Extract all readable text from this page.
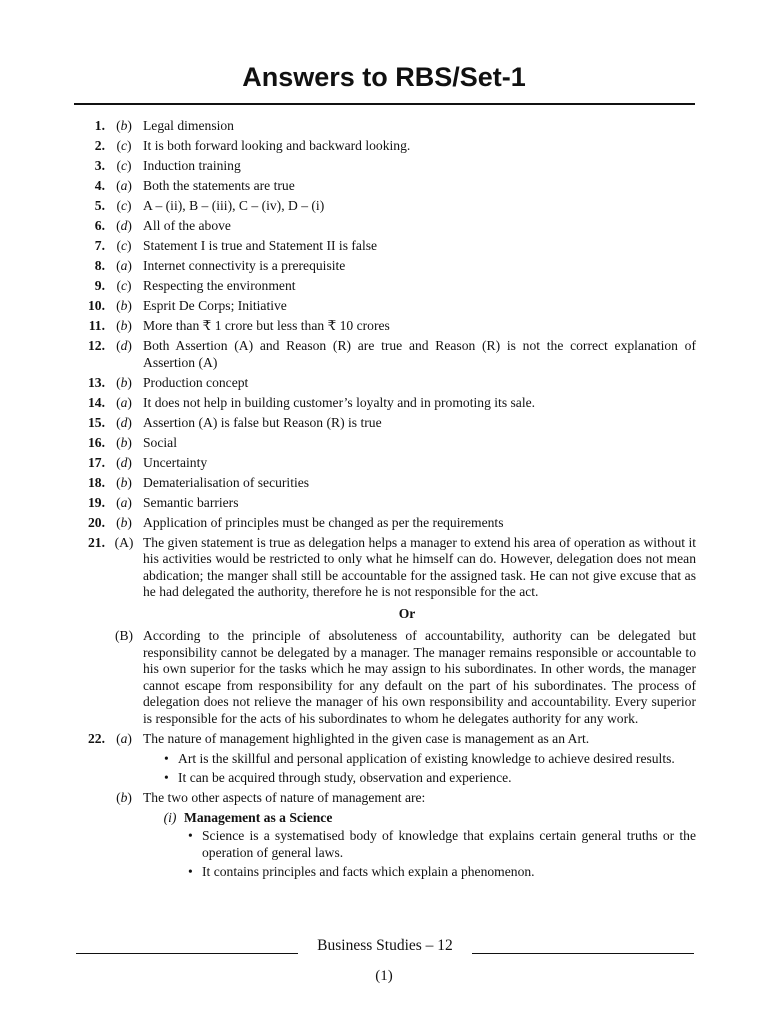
Answers to RBS/Set-1
1. (b) Legal dimension
2. (c) It is both forward looking and backward looking.
3. (c) Induction training
4. (a) Both the statements are true
5. (c) A – (ii), B – (iii), C – (iv), D – (i)
6. (d) All of the above
7. (c) Statement I is true and Statement II is false
8. (a) Internet connectivity is a prerequisite
9. (c) Respecting the environment
10. (b) Esprit De Corps; Initiative
11. (b) More than ₹ 1 crore but less than ₹ 10 crores
12. (d) Both Assertion (A) and Reason (R) are true and Reason (R) is not the correct explanation of Assertion (A)
13. (b) Production concept
14. (a) It does not help in building customer’s loyalty and in promoting its sale.
15. (d) Assertion (A) is false but Reason (R) is true
16. (b) Social
17. (d) Uncertainty
18. (b) Dematerialisation of securities
19. (a) Semantic barriers
20. (b) Application of principles must be changed as per the requirements
21. (A) The given statement is true as delegation helps a manager to extend his area of operation as without it his activities would be restricted to only what he himself can do. However, delegation does not mean abdication; the manger shall still be accountable for the assigned task. He can not give excuse that as he had delegated the authority, therefore he is not responsible for the act.
Or
(B) According to the principle of absoluteness of accountability, authority can be delegated but responsibility cannot be delegated by a manager. The manager remains responsible or accountable to his own superior for the tasks which he may assign to his subordinates. In other words, the manager cannot escape from responsibility for any default on the part of his subordinates. The process of delegation does not relieve the manager of his own responsibility and accountability. Every superior is responsible for the acts of his subordinates to whom he delegates authority for any work.
22. (a) The nature of management highlighted in the given case is management as an Art.
• Art is the skillful and personal application of existing knowledge to achieve desired results.
• It can be acquired through study, observation and experience.
(b) The two other aspects of nature of management are:
(i) Management as a Science
• Science is a systematised body of knowledge that explains certain general truths or the operation of general laws.
• It contains principles and facts which explain a phenomenon.
Business Studies – 12
(1)
